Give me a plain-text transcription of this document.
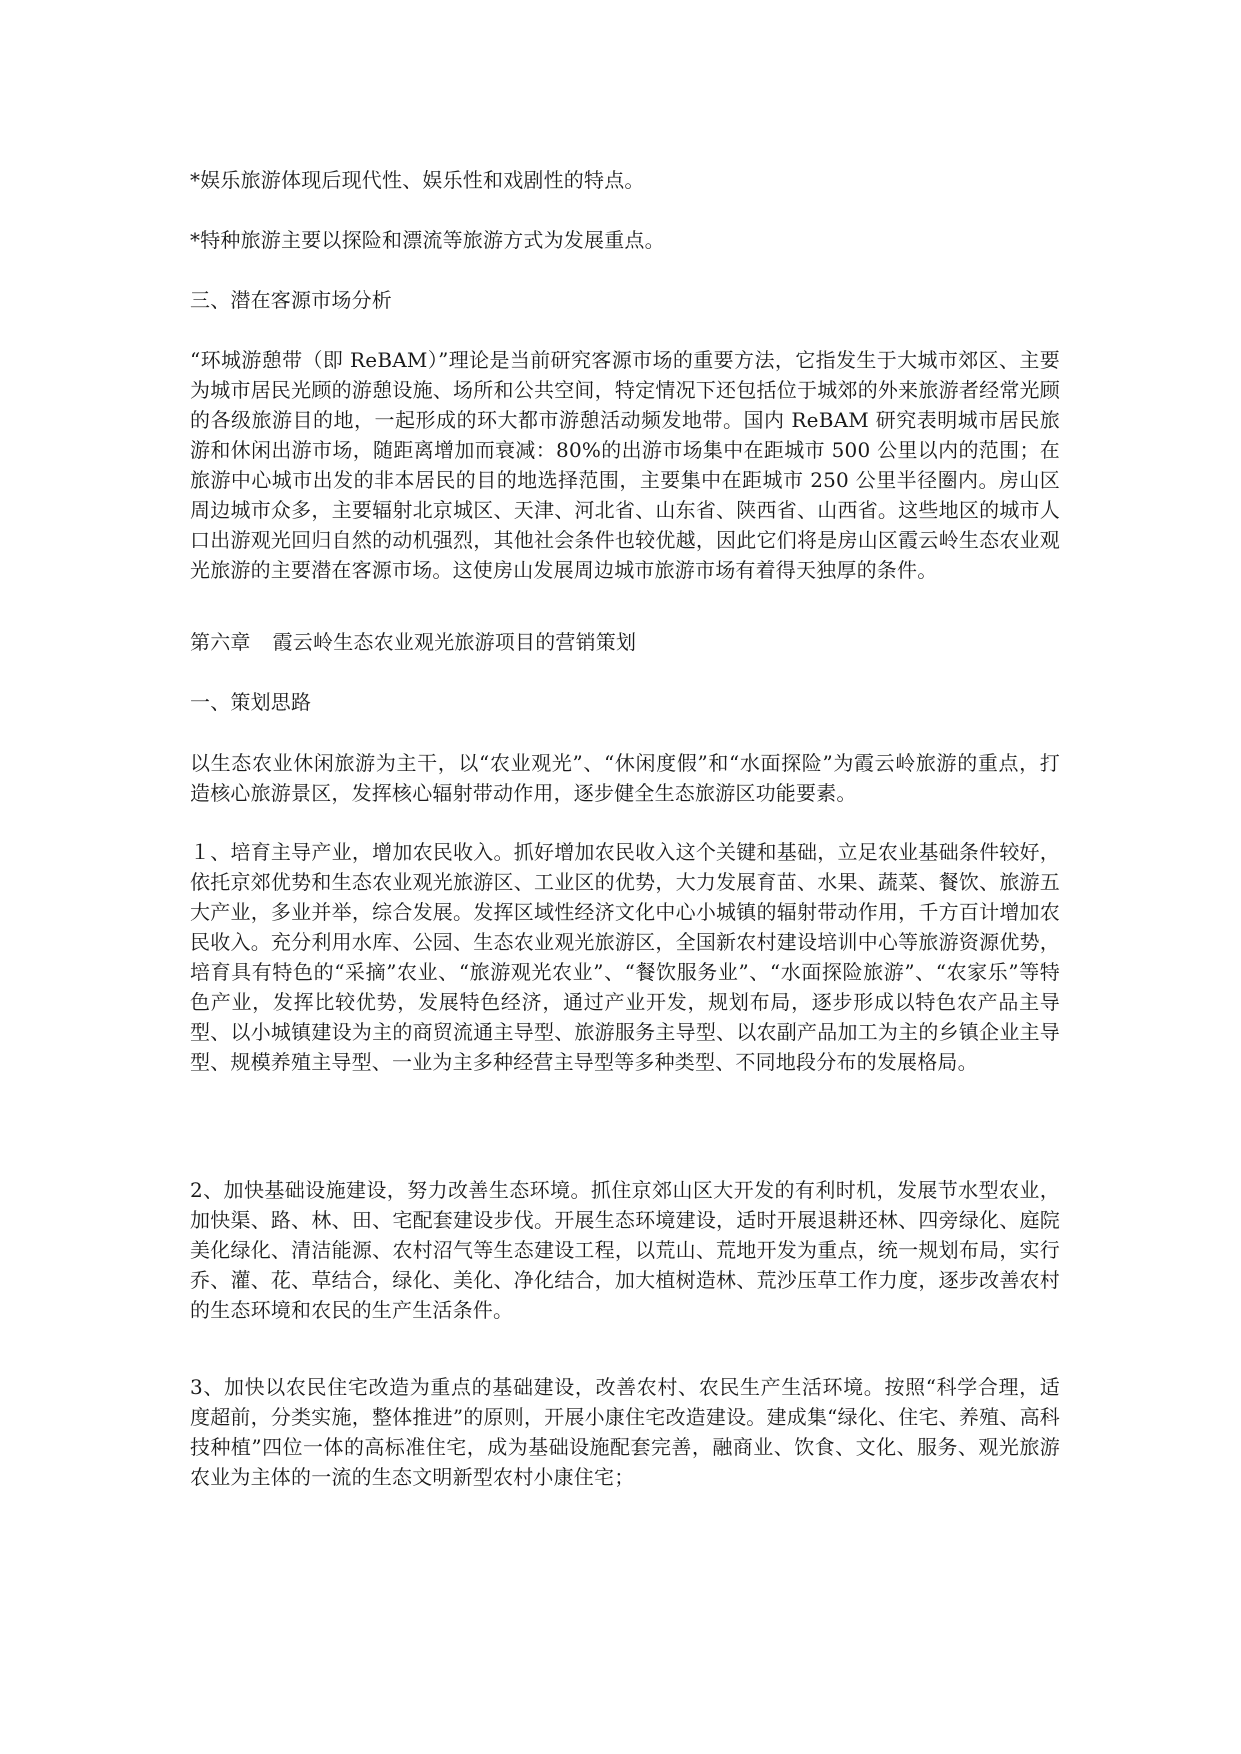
*娱乐旅游体现后现代性、娱乐性和戏剧性的特点。
*特种旅游主要以探险和漂流等旅游方式为发展重点。
三、潜在客源市场分析
“环城游憩带（即 ReBAM）”理论是当前研究客源市场的重要方法，它指发生于大城市郊区、主要为城市居民光顾的游憩设施、场所和公共空间，特定情况下还包括位于城郊的外来旅游者经常光顾的各级旅游目的地，一起形成的环大都市游憩活动频发地带。国内 ReBAM 研究表明城市居民旅游和休闲出游市场，随距离增加而衰减：80%的出游市场集中在距城市 500 公里以内的范围；在旅游中心城市出发的非本居民的目的地选择范围，主要集中在距城市 250 公里半径圈内。房山区周边城市众多，主要辐射北京城区、天津、河北省、山东省、陕西省、山西省。这些地区的城市人口出游观光回归自然的动机强烈，其他社会条件也较优越，因此它们将是房山区霞云岭生态农业观光旅游的主要潜在客源市场。这使房山发展周边城市旅游市场有着得天独厚的条件。
第六章 霞云岭生态农业观光旅游项目的营销策划
一、策划思路
以生态农业休闲旅游为主干，以“农业观光”、“休闲度假”和“水面探险”为霞云岭旅游的重点，打造核心旅游景区，发挥核心辐射带动作用，逐步健全生态旅游区功能要素。
１、培育主导产业，增加农民收入。抓好增加农民收入这个关键和基础，立足农业基础条件较好，依托京郊优势和生态农业观光旅游区、工业区的优势，大力发展育苗、水果、蔬菜、餐饮、旅游五大产业，多业并举，综合发展。发挥区域性经济文化中心小城镇的辐射带动作用，千方百计增加农民收入。充分利用水库、公园、生态农业观光旅游区，全国新农村建设培训中心等旅游资源优势，培育具有特色的“采摘”农业、“旅游观光农业”、“餐饮服务业”、“水面探险旅游”、“农家乐”等特色产业，发挥比较优势，发展特色经济，通过产业开发，规划布局，逐步形成以特色农产品主导型、以小城镇建设为主的商贸流通主导型、旅游服务主导型、以农副产品加工为主的乡镇企业主导型、规模养殖主导型、一业为主多种经营主导型等多种类型、不同地段分布的发展格局。
2、加快基础设施建设，努力改善生态环境。抓住京郊山区大开发的有利时机，发展节水型农业，加快渠、路、林、田、宅配套建设步伐。开展生态环境建设，适时开展退耕还林、四旁绿化、庭院美化绿化、清洁能源、农村沼气等生态建设工程，以荒山、荒地开发为重点，统一规划布局，实行乔、灌、花、草结合，绿化、美化、净化结合，加大植树造林、荒沙压草工作力度，逐步改善农村的生态环境和农民的生产生活条件。
3、加快以农民住宅改造为重点的基础建设，改善农村、农民生产生活环境。按照“科学合理，适度超前，分类实施，整体推进”的原则，开展小康住宅改造建设。建成集“绿化、住宅、养殖、高科技种植”四位一体的高标准住宅，成为基础设施配套完善，融商业、饮食、文化、服务、观光旅游农业为主体的一流的生态文明新型农村小康住宅；
